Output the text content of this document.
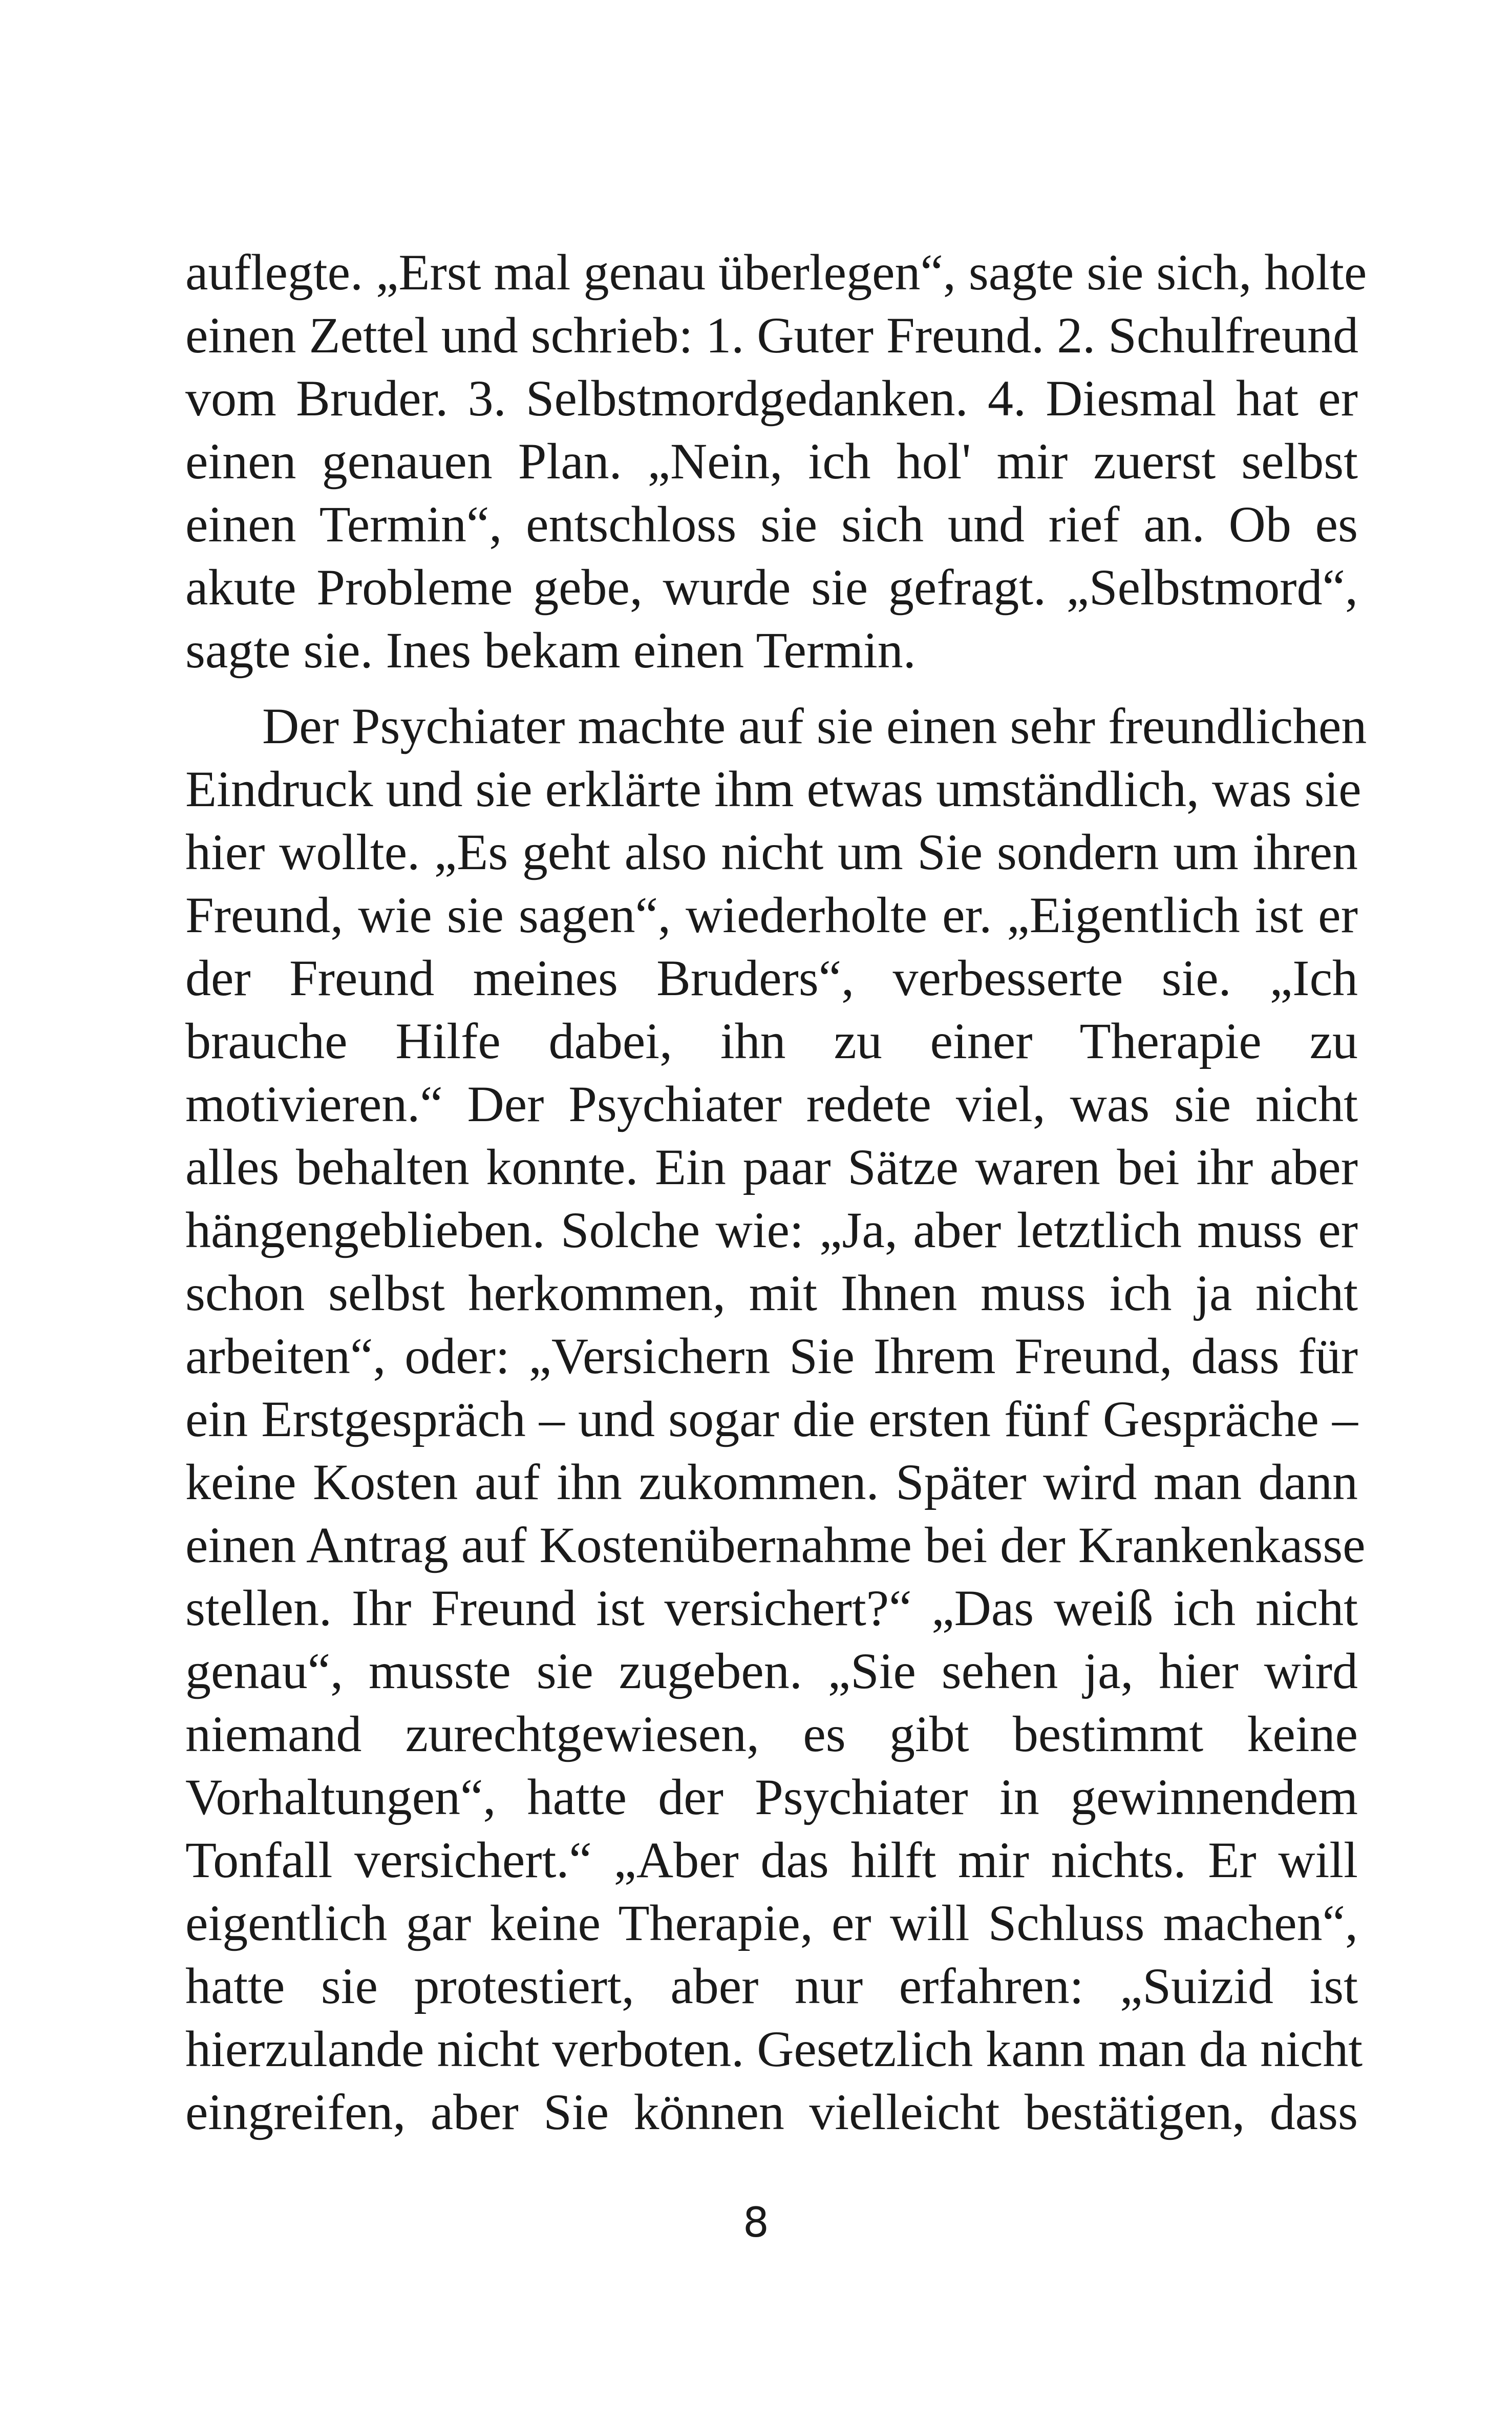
auflegte. „Erst mal genau überlegen“, sagte sie sich, holte
einen Zettel und schrieb: 1. Guter Freund. 2. Schulfreund
vom Bruder. 3. Selbstmordgedanken. 4. Diesmal hat er
einen genauen Plan. „Nein, ich hol' mir zuerst selbst
einen Termin“, entschloss sie sich und rief an. Ob es
akute Probleme gebe, wurde sie gefragt. „Selbstmord“,
sagte sie. Ines bekam einen Termin.
Der Psychiater machte auf sie einen sehr freundlichen
Eindruck und sie erklärte ihm etwas umständlich, was sie
hier wollte. „Es geht also nicht um Sie sondern um ihren
Freund, wie sie sagen“, wiederholte er. „Eigentlich ist er
der Freund meines Bruders“, verbesserte sie. „Ich
brauche Hilfe dabei, ihn zu einer Therapie zu
motivieren.“ Der Psychiater redete viel, was sie nicht
alles behalten konnte. Ein paar Sätze waren bei ihr aber
hängengeblieben. Solche wie: „Ja, aber letztlich muss er
schon selbst herkommen, mit Ihnen muss ich ja nicht
arbeiten“, oder: „Versichern Sie Ihrem Freund, dass für
ein Erstgespräch – und sogar die ersten fünf Gespräche –
keine Kosten auf ihn zukommen. Später wird man dann
einen Antrag auf Kostenübernahme bei der Krankenkasse
stellen. Ihr Freund ist versichert?“ „Das weiß ich nicht
genau“, musste sie zugeben. „Sie sehen ja, hier wird
niemand zurechtgewiesen, es gibt bestimmt keine
Vorhaltungen“, hatte der Psychiater in gewinnendem
Tonfall versichert.“ „Aber das hilft mir nichts. Er will
eigentlich gar keine Therapie, er will Schluss machen“,
hatte sie protestiert, aber nur erfahren: „Suizid ist
hierzulande nicht verboten. Gesetzlich kann man da nicht
eingreifen, aber Sie können vielleicht bestätigen, dass
8
